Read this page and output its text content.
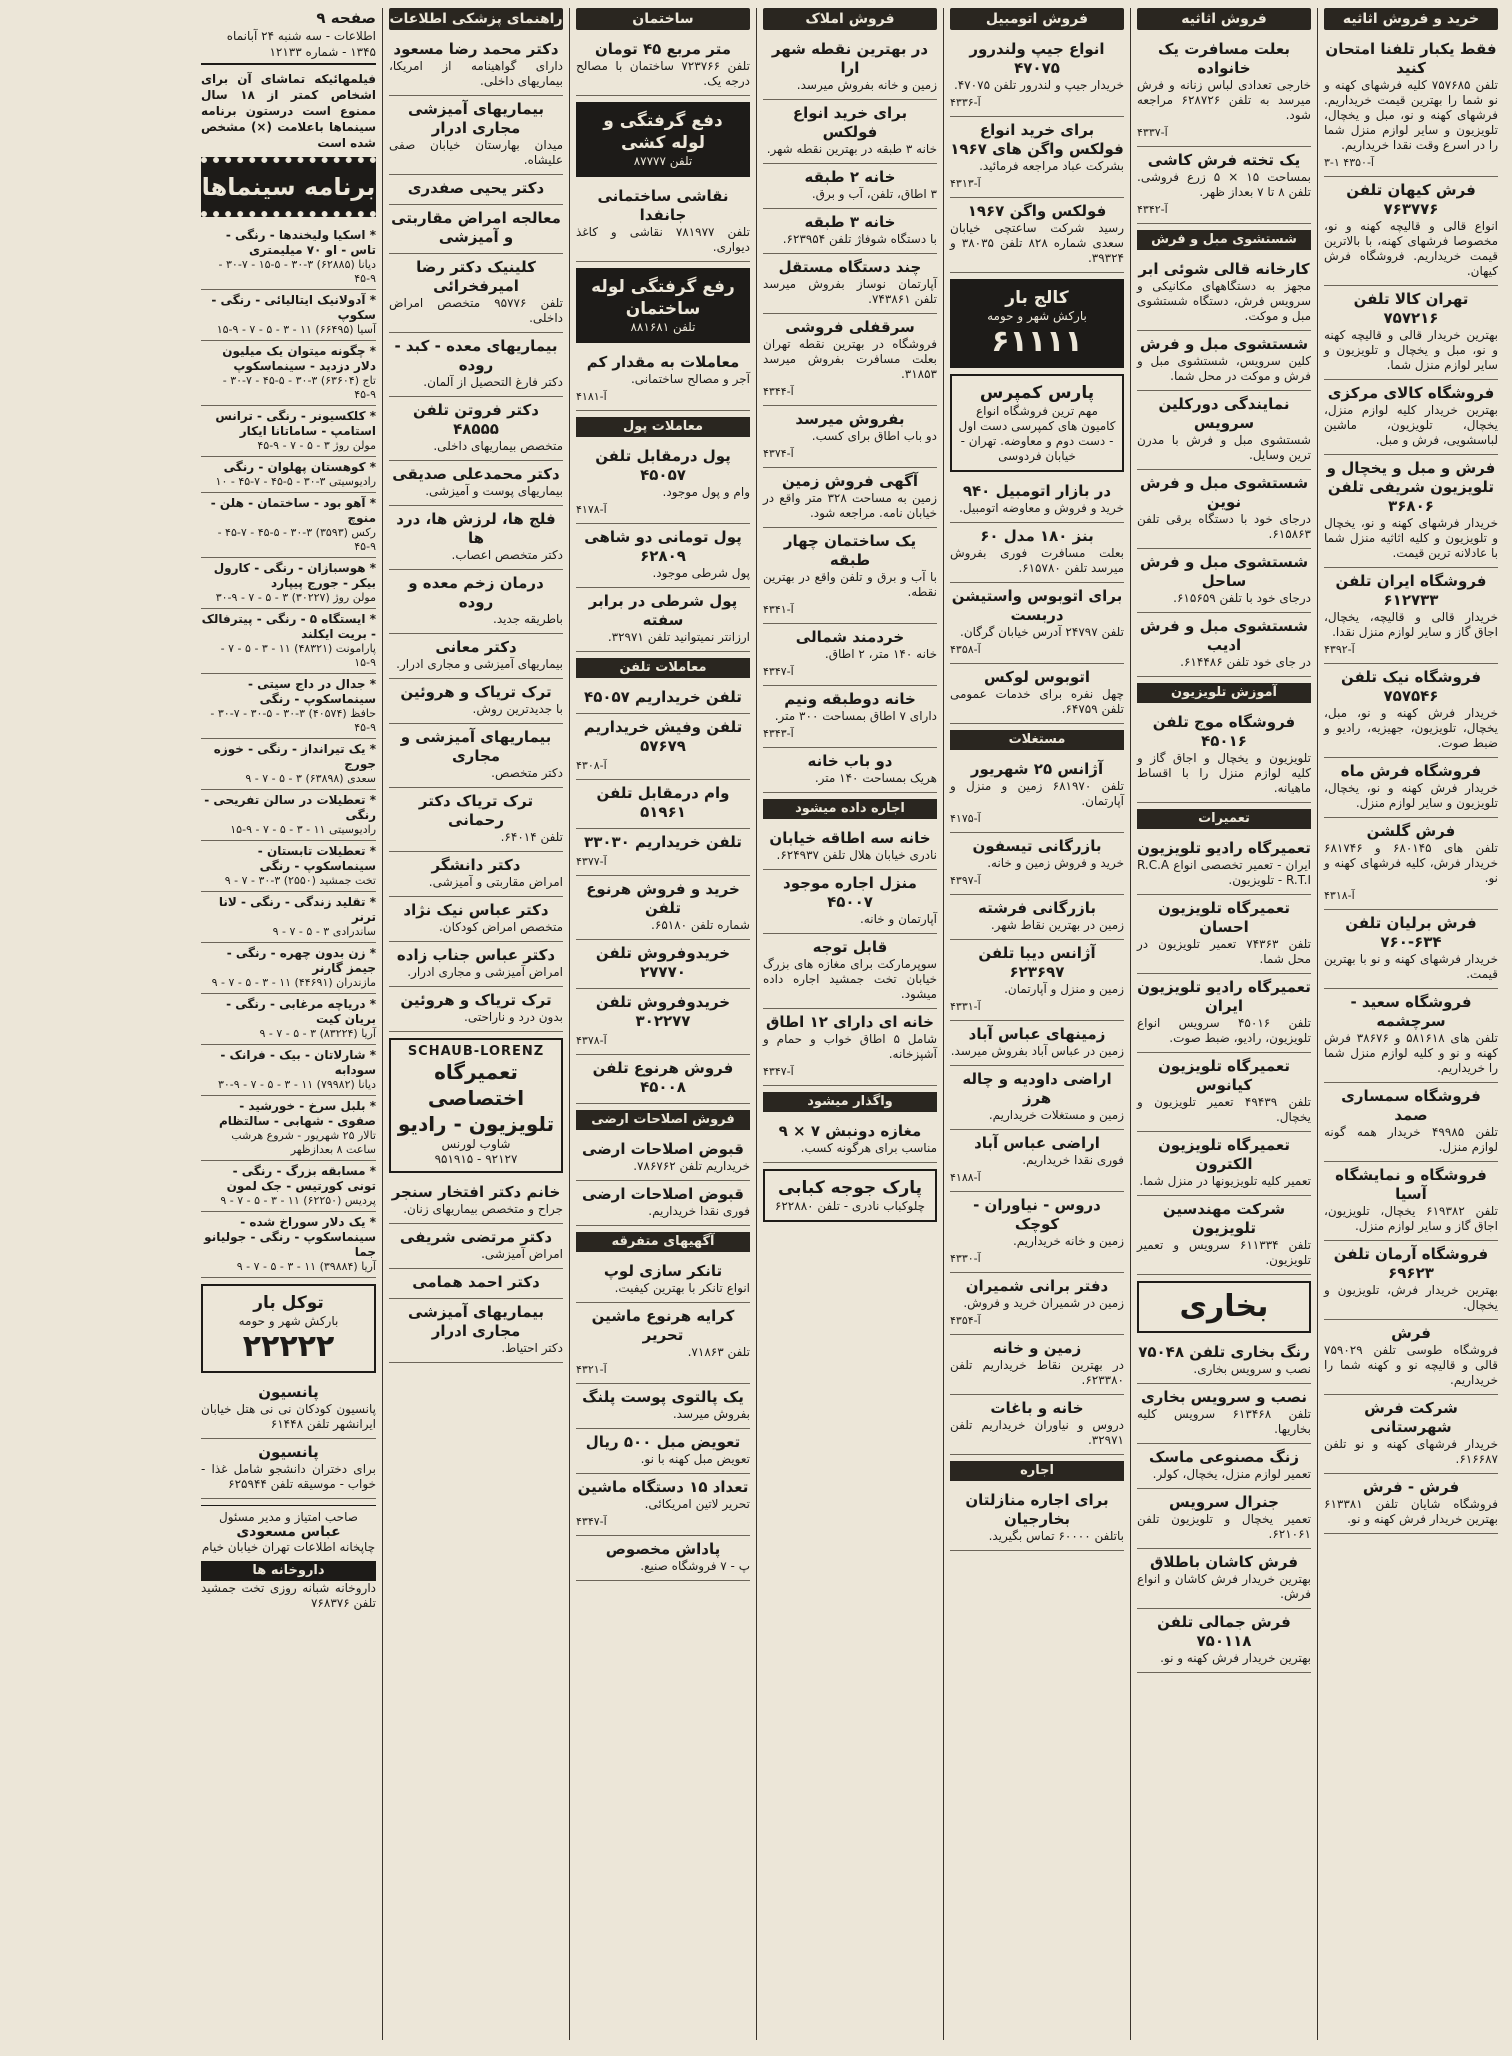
خرید و فروش اثاثیه
فقط یکبار تلفنا امتحان کنید
تلفن ۷۵۷۶۸۵ کلیه فرشهای کهنه و نو شما را بهترین قیمت خریداریم. فرشهای کهنه و نو، مبل و یخچال، تلویزیون و سایر لوازم منزل شما را در اسرع وقت نقدا خریداریم.
۳-۱ آ-۴۳۵۰
فرش کیهان تلفن ۷۶۳۷۷۶
انواع قالی و قالیچه کهنه و نو، مخصوصا فرشهای کهنه، با بالاترین قیمت خریداریم. فروشگاه فرش کیهان.
تهران کالا تلفن ۷۵۷۲۱۶
بهترین خریدار قالی و قالیچه کهنه و نو، مبل و یخچال و تلویزیون و سایر لوازم منزل شما.
فروشگاه کالای مرکزی
بهترین خریدار کلیه لوازم منزل، یخچال، تلویزیون، ماشین لباسشویی، فرش و مبل.
فرش و مبل و یخچال و تلویزیون شریفی تلفن ۳۶۸۰۶
خریدار فرشهای کهنه و نو، یخچال و تلویزیون و کلیه اثاثیه منزل شما با عادلانه ترین قیمت.
فروشگاه ایران تلفن ۶۱۲۷۳۳
خریدار قالی و قالیچه، یخچال، اجاق گاز و سایر لوازم منزل نقدا.
آ-۴۳۹۲
فروشگاه نیک تلفن ۷۵۷۵۴۶
خریدار فرش کهنه و نو، مبل، یخچال، تلویزیون، جهیزیه، رادیو و ضبط صوت.
فروشگاه فرش ماه
خریدار فرش کهنه و نو، یخچال، تلویزیون و سایر لوازم منزل.
فرش گلشن
تلفن های ۶۸۰۱۴۵ و ۶۸۱۷۴۶ خریدار فرش، کلیه فرشهای کهنه و نو.
آ-۴۳۱۸
فرش برلیان تلفن ۶۳۴-۷۶۰
خریدار فرشهای کهنه و نو با بهترین قیمت.
فروشگاه سعید - سرچشمه
تلفن های ۵۸۱۶۱۸ و ۳۸۶۷۶ فرش کهنه و نو و کلیه لوازم منزل شما را خریداریم.
فروشگاه سمساری صمد
تلفن ۴۹۹۸۵ خریدار همه گونه لوازم منزل.
فروشگاه و نمایشگاه آسیا
تلفن ۶۱۹۳۸۲ یخچال، تلویزیون، اجاق گاز و سایر لوازم منزل.
فروشگاه آرمان تلفن ۶۹۶۲۳
بهترین خریدار فرش، تلویزیون و یخچال.
فرش
فروشگاه طوسی تلفن ۷۵۹۰۲۹ قالی و قالیچه نو و کهنه شما را خریداریم.
شرکت فرش شهرستانی
خریدار فرشهای کهنه و نو تلفن ۶۱۶۶۸۷.
فرش - فرش
فروشگاه شایان تلفن ۶۱۳۳۸۱ بهترین خریدار فرش کهنه و نو.
فروش اثاثیه
بعلت مسافرت یک خانواده
خارجی تعدادی لباس زنانه و فرش میرسد به تلفن ۶۲۸۷۲۶ مراجعه شود.
آ-۴۳۳۷
یک تخته فرش کاشی
بمساحت ۱۵ × ۵ زرع فروشی. تلفن ۸ تا ۷ بعداز ظهر.
آ-۴۳۴۲
شستشوی مبل و فرش
کارخانه قالی شوئی ابر
مجهز به دستگاههای مکانیکی و سرویس فرش، دستگاه شستشوی مبل و موکت.
شستشوی مبل و فرش
کلین سرویس، شستشوی مبل و فرش و موکت در محل شما.
نمایندگی دورکلین سرویس
شستشوی مبل و فرش با مدرن ترین وسایل.
شستشوی مبل و فرش نوین
درجای خود با دستگاه برقی تلفن ۶۱۵۸۶۳.
شستشوی مبل و فرش ساحل
درجای خود با تلفن ۶۱۵۶۵۹.
شستشوی مبل و فرش ادیب
در جای خود تلفن ۶۱۴۴۸۶.
آموزش تلویزیون
فروشگاه موج تلفن ۴۵۰۱۶
تلویزیون و یخچال و اجاق گاز و کلیه لوازم منزل را با اقساط ماهیانه.
تعمیرات
تعمیرگاه رادیو تلویزیون
ایران - تعمیر تخصصی انواع R.C.A - R.T.I تلویزیون.
تعمیرگاه تلویزیون احسان
تلفن ۷۴۳۶۳ تعمیر تلویزیون در محل شما.
تعمیرگاه رادیو تلویزیون ایران
تلفن ۴۵۰۱۶ سرویس انواع تلویزیون، رادیو، ضبط صوت.
تعمیرگاه تلویزیون کیانوس
تلفن ۴۹۴۳۹ تعمیر تلویزیون و یخچال.
تعمیرگاه تلویزیون الکترون
تعمیر کلیه تلویزیونها در منزل شما.
شرکت مهندسین تلویزیون
تلفن ۶۱۱۳۳۴ سرویس و تعمیر تلویزیون.
بخاری
رنگ بخاری تلفن ۷۵۰۴۸
نصب و سرویس بخاری.
نصب و سرویس بخاری
تلفن ۶۱۳۴۶۸ سرویس کلیه بخاریها.
زنگ مصنوعی ماسک
تعمیر لوازم منزل، یخچال، کولر.
جنرال سرویس
تعمیر یخچال و تلویزیون تلفن ۶۲۱۰۶۱.
فرش کاشان باطلاق
بهترین خریدار فرش کاشان و انواع فرش.
فرش جمالی تلفن ۷۵۰۱۱۸
بهترین خریدار فرش کهنه و نو.
فروش اتومبیل
انواع جیپ ولندرور ۴۷۰۷۵
خریدار جیپ و لندرور تلفن ۴۷۰۷۵.
آ-۴۳۳۶
برای خرید انواع فولکس واگن های ۱۹۶۷
بشرکت عباد مراجعه فرمائید.
آ-۴۳۱۳
فولکس واگن ۱۹۶۷
رسید شرکت ساعتچی خیابان سعدی شماره ۸۲۸ تلفن ۳۸۰۳۵ و ۳۹۳۲۴.
کالج بار
بارکش شهر و حومه
۶۱۱۱۱
پارس کمپرس
مهم ترین فروشگاه انواع کامیون های کمپرسی دست اول - دست دوم و معاوضه. تهران - خیابان فردوسی
در بازار اتومبیل ۹۴۰
خرید و فروش و معاوضه اتومبیل.
بنز ۱۸۰ مدل ۶۰
بعلت مسافرت فوری بفروش میرسد تلفن ۶۱۵۷۸۰.
برای اتوبوس واستیشن دربست
تلفن ۲۴۷۹۷ آدرس خیابان گرگان.
آ-۴۳۵۸
اتوبوس لوکس
چهل نفره برای خدمات عمومی تلفن ۶۴۷۵۹.
مستغلات
آژانس ۲۵ شهریور
تلفن ۶۸۱۹۷۰ زمین و منزل و آپارتمان.
آ-۴۱۷۵
بازرگانی تیسفون
خرید و فروش زمین و خانه.
آ-۴۳۹۷
بازرگانی فرشته
زمین در بهترین نقاط شهر.
آژانس دیبا تلفن ۶۲۳۶۹۷
زمین و منزل و آپارتمان.
آ-۴۳۳۱
زمینهای عباس آباد
زمین در عباس آباد بفروش میرسد.
اراضی داودیه و چاله هرز
زمین و مستغلات خریداریم.
اراضی عباس آباد
فوری نقدا خریداریم.
آ-۴۱۸۸
دروس - نیاوران - کوچک
زمین و خانه خریداریم.
آ-۴۳۳۰
دفتر برانی شمیران
زمین در شمیران خرید و فروش.
آ-۴۳۵۴
زمین و خانه
در بهترین نقاط خریداریم تلفن ۶۲۳۳۸۰.
خانه و باغات
دروس و نیاوران خریداریم تلفن ۳۲۹۷۱.
اجاره
برای اجاره منازلتان بخارجیان
باتلفن ۶۰۰۰۰ تماس بگیرید.
فروش املاک
در بهترین نقطه شهر ارا
زمین و خانه بفروش میرسد.
برای خرید انواع فولکس
خانه ۳ طبقه در بهترین نقطه شهر.
خانه ۲ طبقه
۳ اطاق، تلفن، آب و برق.
خانه ۳ طبقه
با دستگاه شوفاژ تلفن ۶۲۳۹۵۴.
چند دستگاه مستقل
آپارتمان نوساز بفروش میرسد تلفن ۷۴۳۸۶۱.
سرقفلی فروشی
فروشگاه در بهترین نقطه تهران بعلت مسافرت بفروش میرسد ۳۱۸۵۳.
آ-۴۳۴۴
بفروش میرسد
دو باب اطاق برای کسب.
آ-۴۳۷۴
آگهی فروش زمین
زمین به مساحت ۳۲۸ متر واقع در خیابان نامه. مراجعه شود.
یک ساختمان چهار طبقه
با آب و برق و تلفن واقع در بهترین نقطه.
آ-۴۳۴۱
خردمند شمالی
خانه ۱۴۰ متر، ۲ اطاق.
آ-۴۳۴۷
خانه دوطبقه ونیم
دارای ۷ اطاق بمساحت ۳۰۰ متر.
آ-۴۳۴۳
دو باب خانه
هریک بمساحت ۱۴۰ متر.
اجاره داده میشود
خانه سه اطاقه خیابان
نادری خیابان هلال تلفن ۶۲۴۹۳۷.
منزل اجاره موجود ۴۵۰۰۷
آپارتمان و خانه.
قابل توجه
سوپرمارکت برای مغازه های بزرگ خیابان تخت جمشید اجاره داده میشود.
خانه ای دارای ۱۲ اطاق
شامل ۵ اطاق خواب و حمام و آشپزخانه.
آ-۴۳۴۷
واگذار میشود
مغازه دونبش ۷ × ۹
مناسب برای هرگونه کسب.
پارک جوجه کبابی
چلوکباب نادری - تلفن ۶۲۲۸۸۰
ساختمان
متر مربع ۴۵ تومان
تلفن ۷۲۳۷۶۶ ساختمان با مصالح درجه یک.
دفع گرفتگی و لوله کشی
تلفن ۸۷۷۷۷
نقاشی ساختمانی جانفدا
تلفن ۷۸۱۹۷۷ نقاشی و کاغذ دیواری.
رفع گرفتگی لوله ساختمان
تلفن ۸۸۱۶۸۱
معاملات به مقدار کم
آجر و مصالح ساختمانی.
آ-۴۱۸۱
معاملات پول
پول درمقابل تلفن ۴۵۰۵۷
وام و پول موجود.
آ-۴۱۷۸
پول تومانی دو شاهی ۶۲۸۰۹
پول شرطی موجود.
پول شرطی در برابر سفته
ارزانتر نمیتوانید تلفن ۳۲۹۷۱.
معاملات تلفن
تلفن خریداریم ۴۵۰۵۷
تلفن وفیش خریداریم ۵۷۶۷۹
آ-۴۳۰۸
وام درمقابل تلفن ۵۱۹۶۱
تلفن خریداریم ۳۳۰۳۰
آ-۴۳۷۷
خرید و فروش هرنوع تلفن
شماره تلفن ۶۵۱۸۰.
خریدوفروش تلفن ۲۷۷۷۰
خریدوفروش تلفن ۳۰۲۲۷۷
آ-۴۳۷۸
فروش هرنوع تلفن ۴۵۰۰۸
فروش اصلاحات ارضی
قبوض اصلاحات ارضی
خریداریم تلفن ۷۸۶۷۶۲.
قبوض اصلاحات ارضی
فوری نقدا خریداریم.
آگهیهای متفرقه
تانکر سازی لوپ
انواع تانکر با بهترین کیفیت.
کرایه هرنوع ماشین تحریر
تلفن ۷۱۸۶۳.
آ-۴۳۲۱
یک پالتوی پوست پلنگ
بفروش میرسد.
تعویض مبل ۵۰۰ ریال
تعویض مبل کهنه با نو.
تعداد ۱۵ دستگاه ماشین
تحریر لاتین امریکائی.
آ-۴۳۴۷
پاداش مخصوص
پ - ۷ فروشگاه صنیع.
راهنمای پزشکی اطلاعات
دکتر محمد رضا مسعود
دارای گواهینامه از امریکا، بیماریهای داخلی.
بیماریهای آمیزشی مجاری ادرار
میدان بهارستان خیابان صفی علیشاه.
دکتر یحیی صفدری
معالجه امراض مقاربتی و آمیزشی
کلینیک دکتر رضا امیرفخرائی
تلفن ۹۵۷۷۶ متخصص امراض داخلی.
بیماریهای معده - کبد - روده
دکتر فارغ التحصیل از آلمان.
دکتر فروتن تلفن ۴۸۵۵۵
متخصص بیماریهای داخلی.
دکتر محمدعلی صدیقی
بیماریهای پوست و آمیزشی.
فلج ها، لرزش ها، درد ها
دکتر متخصص اعصاب.
درمان زخم معده و روده
باطریقه جدید.
دکتر معانی
بیماریهای آمیزشی و مجاری ادرار.
ترک تریاک و هروئین
با جدیدترین روش.
بیماریهای آمیزشی و مجاری
دکتر متخصص.
ترک تریاک دکتر رحمانی
تلفن ۶۴۰۱۴.
دکتر دانشگر
امراض مقاربتی و آمیزشی.
دکتر عباس نیک نژاد
متخصص امراض کودکان.
دکتر عباس جناب زاده
امراض آمیزشی و مجاری ادرار.
ترک تریاک و هروئین
بدون درد و ناراحتی.
SCHAUB-LORENZ
تعمیرگاه اختصاصی تلویزیون - رادیو
شاوب لورنس
۹۲۱۲۷ - ۹۵۱۹۱۵
خانم دکتر افتخار سنجر
جراح و متخصص بیماریهای زنان.
دکتر مرتضی شریفی
امراض آمیزشی.
دکتر احمد همامی
بیماریهای آمیزشی مجاری ادرار
دکتر احتیاط.
صفحه ۹
اطلاعات - سه شنبه ۲۴ آبانماه ۱۳۴۵ - شماره ۱۲۱۳۳
فیلمهائیکه تماشای آن برای اشخاص کمتر از ۱۸ سال ممنوع است درستون برنامه سینماها باعلامت (×) مشخص شده است
برنامه سینماها
* اسکیا ولیخندها - رنگی - تاس - او ۷۰ میلیمتری
دیانا (۶۲۸۸۵) ۳-۳۰ - ۵-۱۵ - ۷-۳۰ - ۹-۴۵
* آدولانیک ایتالیائی - رنگی - سکوپ
آسیا (۶۶۴۹۵) ۱۱ - ۳ - ۵ - ۷ - ۹-۱۵
* چگونه میتوان یک میلیون دلار دزدید - سینماسکوپ
تاج (۶۳۶۰۴) ۳-۳۰ - ۵-۴۵ - ۷-۳۰ - ۹-۴۵
* کلکسیونر - رنگی - ترانس استامپ - ساماتانا ایکار
مولن روژ ۳ - ۵ - ۷ - ۹-۴۵
* کوهستان پهلوان - رنگی
رادیوسیتی ۳-۳۰ - ۵-۴۵ - ۷-۴۵ - ۱۰
* آهو بود - ساختمان - هلن - منوچ
رکس (۳۵۹۳) ۳-۳۰ - ۵-۴۵ - ۷-۴۵ - ۹-۴۵
* هوسبازان - رنگی - کارول بیکر - جورج پیپارد
مولن روژ (۳۰۲۲۷) ۳ - ۵ - ۷ - ۹-۳۰
* ایستگاه ۵ - رنگی - پیترفالک - بریت ایکلند
پارامونت (۴۸۳۲۱) ۱۱ - ۳ - ۵ - ۷ - ۹-۱۵
* جدال در داج سیتی - سینماسکوپ - رنگی
حافظ (۴۰۵۷۴) ۳-۳۰ - ۵-۳۰ - ۷-۳۰ - ۹-۴۵
* یک تیرانداز - رنگی - خوزه جورج
سعدی (۶۳۸۹۸) ۳ - ۵ - ۷ - ۹
* تعطیلات در سالن تفریحی - رنگی
رادیوسیتی ۱۱ - ۳ - ۵ - ۷ - ۹-۱۵
* تعطیلات تابستان - سینماسکوپ - رنگی
تخت جمشید (۲۵۵۰) ۳-۳۰ - ۷ - ۹
* تقلید زندگی - رنگی - لانا ترنر
ساندرادی ۳ - ۵ - ۷ - ۹
* زن بدون چهره - رنگی - جیمز گارنر
مازندران (۴۴۶۹۱) ۱۱ - ۳ - ۵ - ۷ - ۹
* دریاچه مرغابی - رنگی - بریان کیت
آریا (۸۳۲۲۴) ۳ - ۵ - ۷ - ۹
* شارلاتان - بیک - فرانک - سودابه
دیانا (۷۹۹۸۲) ۱۱ - ۳ - ۵ - ۷ - ۹-۳۰
* بلبل سرخ - خورشید - صفوی - شهابی - سالتظام
تالار ۲۵ شهریور - شروع هرشب ساعت ۸ بعدازظهر
* مسابقه بزرگ - رنگی - تونی کورتیس - جک لمون
پردیس (۶۲۲۵۰) ۱۱ - ۳ - ۵ - ۷ - ۹
* یک دلار سوراخ شده - سینماسکوپ - رنگی - جولیانو جما
آریا (۳۹۸۸۴) ۱۱ - ۳ - ۵ - ۷ - ۹
توکل بار
بارکش شهر و حومه
۲۲۲۲۲
پانسیون
پانسیون کودکان نی نی هتل خیابان ایرانشهر تلفن ۶۱۴۴۸
پانسیون
برای دختران دانشجو شامل غذا - خواب - موسیقه تلفن ۶۲۵۹۴۴
صاحب امتیاز و مدیر مسئول
عباس مسعودی
چاپخانه اطلاعات تهران خیابان خیام
داروخانه ها
داروخانه شبانه روزی تخت جمشید تلفن ۷۶۸۳۷۶
